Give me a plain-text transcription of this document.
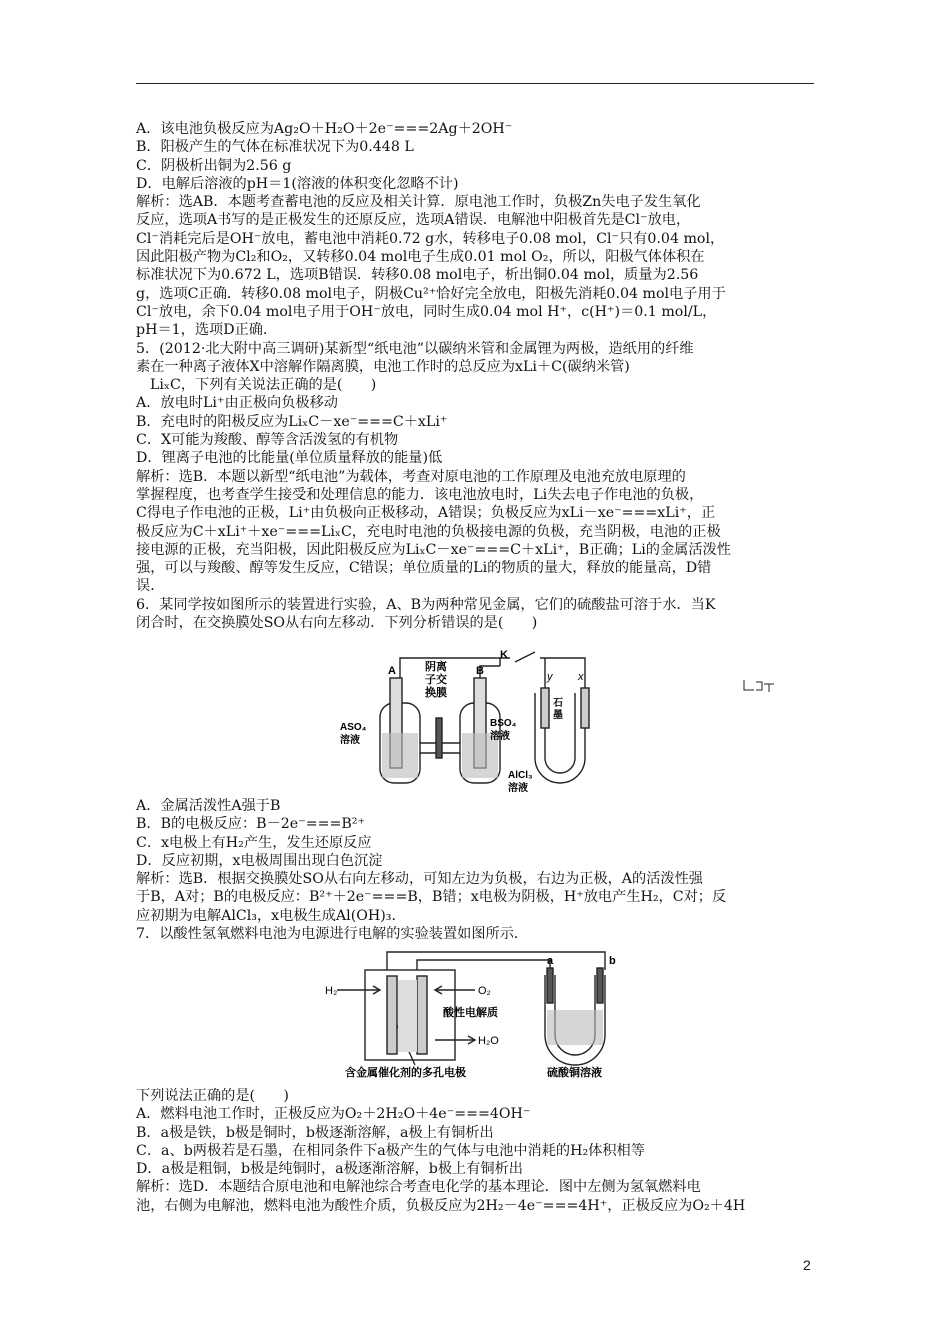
A．该电池负极反应为Ag₂O＋H₂O＋2e⁻===2Ag＋2OH⁻

B．阳极产生的气体在标准状况下为0.448 L

C．阴极析出铜为2.56 g

D．电解后溶液的pH＝1(溶液的体积变化忽略不计)

解析：选AB．本题考查蓄电池的反应及相关计算．原电池工作时，负极Zn失电子发生氧化

反应，选项A书写的是正极发生的还原反应，选项A错误．电解池中阳极首先是Cl⁻放电，

Cl⁻消耗完后是OH⁻放电，蓄电池中消耗0.72 g水，转移电子0.08 mol，Cl⁻只有0.04 mol，

因此阳极产物为Cl₂和O₂，又转移0.04 mol电子生成0.01 mol O₂，所以，阳极气体体积在

标准状况下为0.672 L，选项B错误．转移0.08 mol电子，析出铜0.04 mol，质量为2.56

g，选项C正确．转移0.08 mol电子，阴极Cu²⁺恰好完全放电，阳极先消耗0.04 mol电子用于

Cl⁻放电，余下0.04 mol电子用于OH⁻放电，同时生成0.04 mol H⁺，c(H⁺)＝0.1 mol/L，

pH＝1，选项D正确．

5．(2012·北大附中高三调研)某新型“纸电池”以碳纳米管和金属锂为两极，造纸用的纤维

素在一种离子液体X中溶解作隔离膜，电池工作时的总反应为xLi＋C(碳纳米管)

LiₓC，下列有关说法正确的是(　　)

A．放电时Li⁺由正极向负极移动

B．充电时的阳极反应为LiₓC－xe⁻===C＋xLi⁺

C．X可能为羧酸、醇等含活泼氢的有机物

D．锂离子电池的比能量(单位质量释放的能量)低

解析：选B．本题以新型“纸电池”为载体，考查对原电池的工作原理及电池充放电原理的

掌握程度，也考查学生接受和处理信息的能力．该电池放电时，Li失去电子作电池的负极，

C得电子作电池的正极，Li⁺由负极向正极移动，A错误；负极反应为xLi－xe⁻===xLi⁺，正

极反应为C＋xLi⁺＋xe⁻===LiₓC，充电时电池的负极接电源的负极，充当阴极，电池的正极

接电源的正极，充当阳极，因此阳极反应为LiₓC－xe⁻===C＋xLi⁺，B正确；Li的金属活泼性

强，可以与羧酸、醇等发生反应，C错误；单位质量的Li的物质的量大，释放的能量高，D错

误．

6．某同学按如图所示的装置进行实验，A、B为两种常见金属，它们的硫酸盐可溶于水．当K

闭合时，在交换膜处SO从右向左移动．下列分析错误的是(　　)

A	B
K
y x
阴离
子交
换膜
ASO₄
溶液
BSO₄
溶液
石
墨
AlCl₃
溶液

A．金属活泼性A强于B

B．B的电极反应：B－2e⁻===B²⁺

C．x电极上有H₂产生，发生还原反应

D．反应初期，x电极周围出现白色沉淀

解析：选B．根据交换膜处SO从右向左移动，可知左边为负极，右边为正极，A的活泼性强

于B，A对；B的电极反应：B²⁺＋2e⁻===B，B错；x电极为阴极，H⁺放电产生H₂，C对；反

应初期为电解AlCl₃，x电极生成Al(OH)₃．

7．以酸性氢氧燃料电池为电源进行电解的实验装置如图所示．

H₂	O₂
酸性电解质
H₂O
含金属催化剂的多孔电极
a	b
硫酸铜溶液

下列说法正确的是(　　)

A．燃料电池工作时，正极反应为O₂＋2H₂O＋4e⁻===4OH⁻

B．a极是铁，b极是铜时，b极逐渐溶解，a极上有铜析出

C．a、b两极若是石墨，在相同条件下a极产生的气体与电池中消耗的H₂体积相等

D．a极是粗铜，b极是纯铜时，a极逐渐溶解，b极上有铜析出

解析：选D．本题结合原电池和电解池综合考查电化学的基本理论．图中左侧为氢氧燃料电

池，右侧为电解池，燃料电池为酸性介质，负极反应为2H₂－4e⁻===4H⁺，正极反应为O₂＋4H

2
